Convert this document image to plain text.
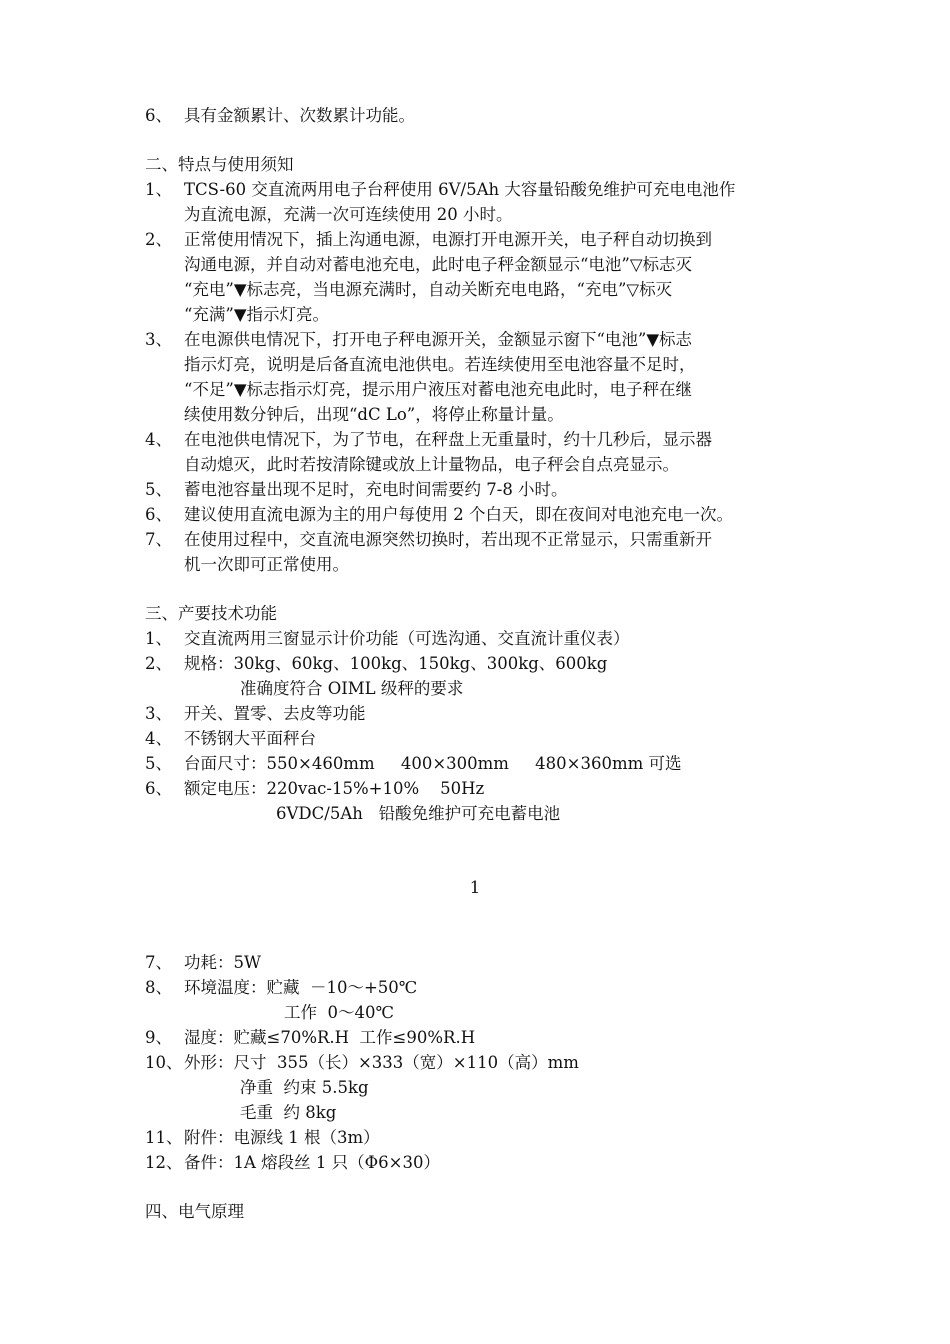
6、 具有金额累计、次数累计功能。
二、特点与使用须知
1、 TCS-60 交直流两用电子台秤使用 6V/5Ah 大容量铅酸免维护可充电电池作
为直流电源，充满一次可连续使用 20 小时。
2、 正常使用情况下，插上沟通电源，电源打开电源开关，电子秤自动切换到
沟通电源，并自动对蓄电池充电，此时电子秤金额显示“电池”▽标志灭
“充电”▼标志亮，当电源充满时，自动关断充电电路，“充电”▽标灭
“充满”▼指示灯亮。
3、 在电源供电情况下，打开电子秤电源开关，金额显示窗下“电池”▼标志
指示灯亮，说明是后备直流电池供电。若连续使用至电池容量不足时，
“不足”▼标志指示灯亮，提示用户液压对蓄电池充电此时，电子秤在继
续使用数分钟后，出现“dC Lo”，将停止称量计量。
4、 在电池供电情况下，为了节电，在秤盘上无重量时，约十几秒后，显示器
自动熄灭，此时若按清除键或放上计量物品，电子秤会自点亮显示。
5、 蓄电池容量出现不足时，充电时间需要约 7-8 小时。
6、 建议使用直流电源为主的用户每使用 2 个白天，即在夜间对电池充电一次。
7、 在使用过程中，交直流电源突然切换时，若出现不正常显示，只需重新开
机一次即可正常使用。
三、产要技术功能
1、 交直流两用三窗显示计价功能（可选沟通、交直流计重仪表）
2、 规格：30kg、60kg、100kg、150kg、300kg、600kg
准确度符合 OIML 级秤的要求
3、 开关、置零、去皮等功能
4、 不锈钢大平面秤台
5、 台面尺寸：550×460mm     400×300mm     480×360mm 可选
6、 额定电压：220vac-15%+10%    50Hz
6VDC/5Ah   铅酸免维护可充电蓄电池
1
7、 功耗：5W
8、 环境温度：贮藏  －10～+50℃
工作  0～40℃
9、 湿度：贮藏≤70%R.H  工作≤90%R.H
10、 外形：尺寸  355（长）×333（宽）×110（高）mm
净重  约束 5.5kg
毛重  约 8kg
11、 附件：电源线 1 根（3m）
12、 备件：1A 熔段丝 1 只（Φ6×30）
四、电气原理
